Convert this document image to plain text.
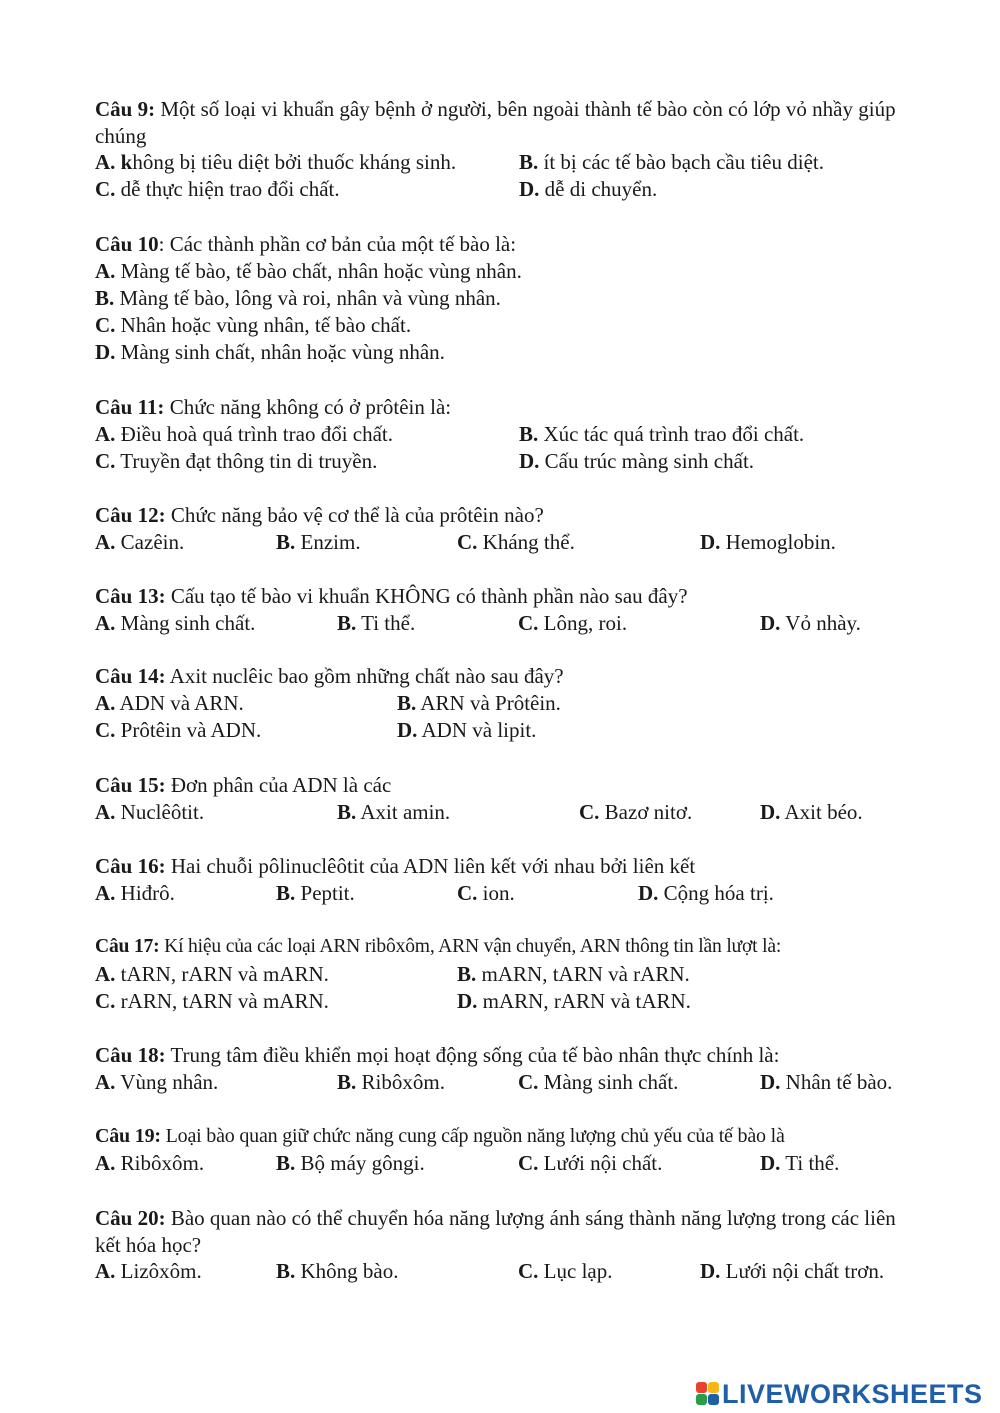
Câu 9: Một số loại vi khuẩn gây bệnh ở người, bên ngoài thành tế bào còn có lớp vỏ nhầy giúp chúng

A. không bị tiêu diệt bởi thuốc kháng sinh.	B. ít bị các tế bào bạch cầu tiêu diệt.
C. dễ thực hiện trao đổi chất.	D. dễ di chuyển.

Câu 10: Các thành phần cơ bản của một tế bào là:

A. Màng tế bào, tế bào chất, nhân hoặc vùng nhân.
B. Màng tế bào, lông và roi, nhân và vùng nhân.
C. Nhân hoặc vùng nhân, tế bào chất.
D. Màng sinh chất, nhân hoặc vùng nhân.

Câu 11: Chức năng không có ở prôtêin là:

A. Điều hoà quá trình trao đổi chất.	B. Xúc tác quá trình trao đổi chất.
C. Truyền đạt thông tin di truyền.	D. Cấu trúc màng sinh chất.

Câu 12: Chức năng bảo vệ cơ thể là của prôtêin nào?

A. Cazêin.	B. Enzim.	C. Kháng thể.	D. Hemoglobin.

Câu 13: Cấu tạo tế bào vi khuẩn KHÔNG có thành phần nào sau đây?

A. Màng sinh chất.	B. Ti thể.	C. Lông, roi.	D. Vỏ nhày.

Câu 14: Axit nuclêic bao gồm những chất nào sau đây?

A. ADN và ARN.	B. ARN và Prôtêin.
C. Prôtêin và ADN.	D. ADN và lipit.

Câu 15: Đơn phân của ADN là các

A. Nuclêôtit.	B. Axit amin.	C. Bazơ nitơ.	D. Axit béo.

Câu 16: Hai chuỗi pôlinuclêôtit của ADN liên kết với nhau bởi liên kết

A. Hiđrô.	B. Peptit.	C. ion.	D. Cộng hóa trị.

Câu 17: Kí hiệu của các loại ARN ribôxôm, ARN vận chuyển, ARN thông tin lần lượt là:

A. tARN, rARN và mARN.	B. mARN, tARN và rARN.
C. rARN, tARN và mARN.	D. mARN, rARN và tARN.

Câu 18: Trung tâm điều khiển mọi hoạt động sống của tế bào nhân thực chính là:

A. Vùng nhân.	B. Ribôxôm.	C. Màng sinh chất.	D. Nhân tế bào.

Câu 19: Loại bào quan giữ chức năng cung cấp nguồn năng lượng chủ yếu của tế bào là

A. Ribôxôm.	B. Bộ máy gôngi.	C. Lưới nội chất.	D. Ti thể.

Câu 20: Bào quan nào có thể chuyển hóa năng lượng ánh sáng thành năng lượng trong các liên kết hóa học?

A. Lizôxôm.	B. Không bào.	C. Lục lạp.	D. Lưới nội chất trơn.
LIVEWORKSHEETS
